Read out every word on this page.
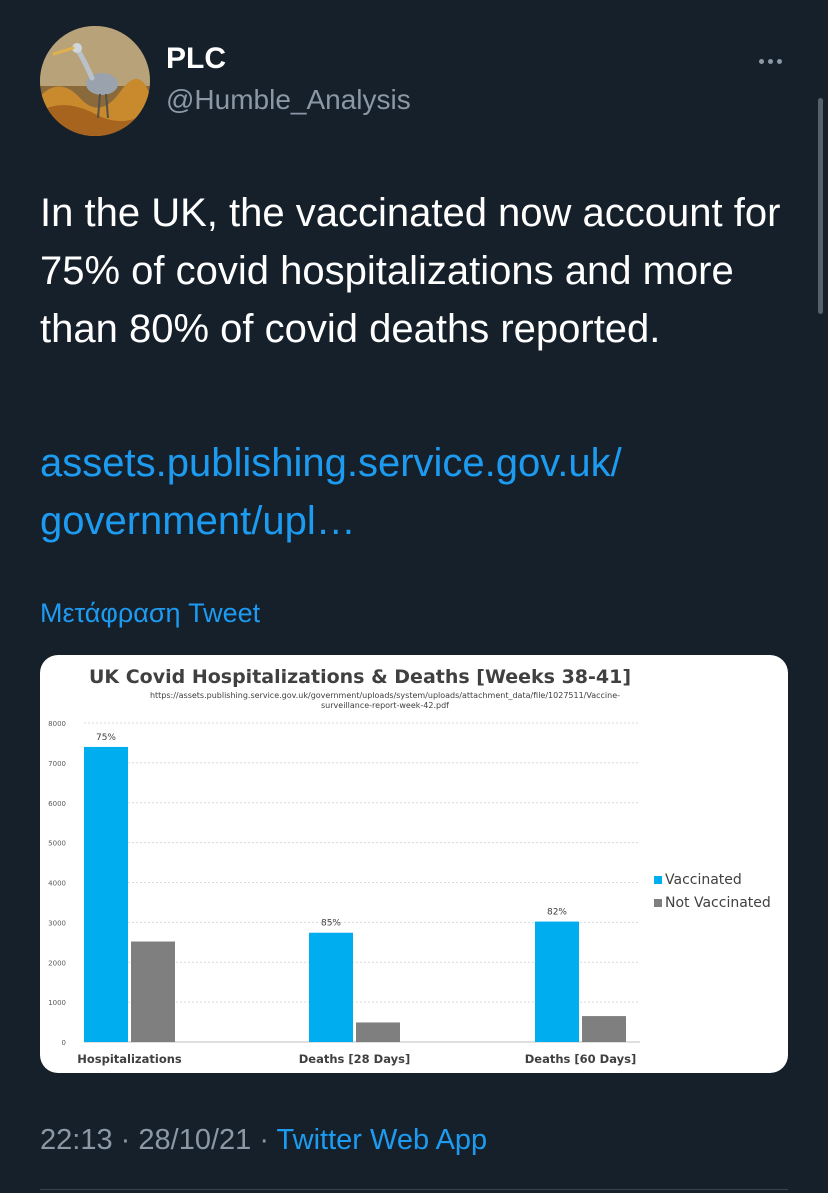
PLC
@Humble_Analysis
In the UK, the vaccinated now account for 75% of covid hospitalizations and more than 80% of covid deaths reported.
assets.publishing.service.gov.uk/
government/upl…
Μετάφραση Tweet
UK Covid Hospitalizations & Deaths [Weeks 38-41]
https://assets.publishing.service.gov.uk/government/uploads/system/uploads/attachment_data/file/1027511/Vaccine-
surveillance-report-week-42.pdf
0
1000
2000
3000
4000
5000
6000
7000
8000
75%
Hospitalizations
85%
Deaths [28 Days]
82%
Deaths [60 Days]
Vaccinated
Not Vaccinated
22:13 · 28/10/21 · Twitter Web App
